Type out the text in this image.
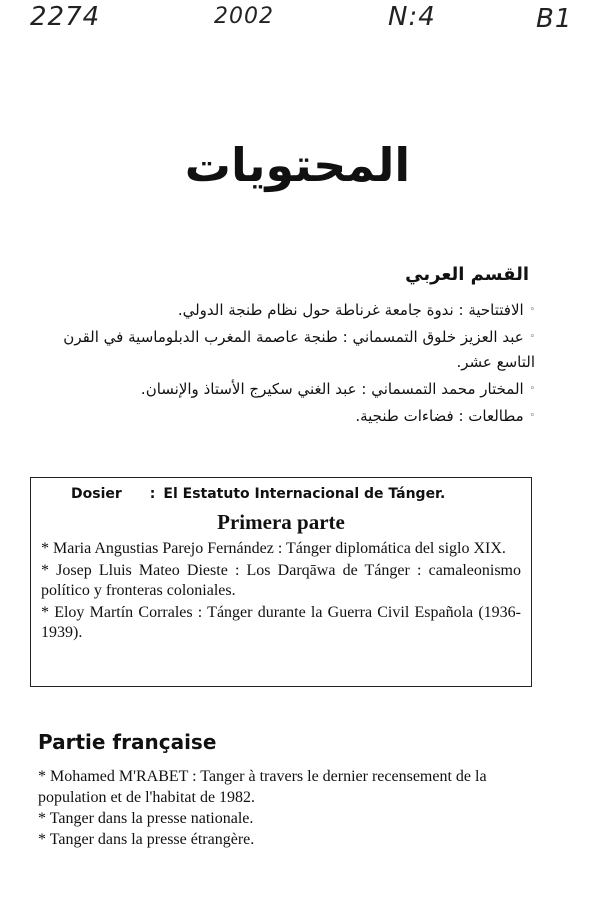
2274	2002	N:4	B1
المحتويات
القسم العربي
◦الافتتاحية : ندوة جامعة غرناطة حول نظام طنجة الدولي.
◦عبد العزيز خلوق التمسماني : طنجة عاصمة المغرب الدبلوماسية في القرن التاسع عشر.
◦المختار محمد التمسماني : عبد الغني سكيرج الأستاذ والإنسان.
◦مطالعات : فضاءات طنجية.

Dosier : El Estatuto Internacional de Tánger.

Primera parte

* Maria Angustias Parejo Fernández : Tánger diplomática del siglo XIX.

* Josep Lluis Mateo Dieste : Los Darqāwa de Tánger : camaleonismo político y fronteras coloniales.

* Eloy Martín Corrales : Tánger durante la Guerra Civil Española (1936-1939).

Partie française
* Mohamed M'RABET : Tanger à travers le dernier recensement de la population et de l'habitat de 1982.
* Tanger dans la presse nationale.
* Tanger dans la presse étrangère.
